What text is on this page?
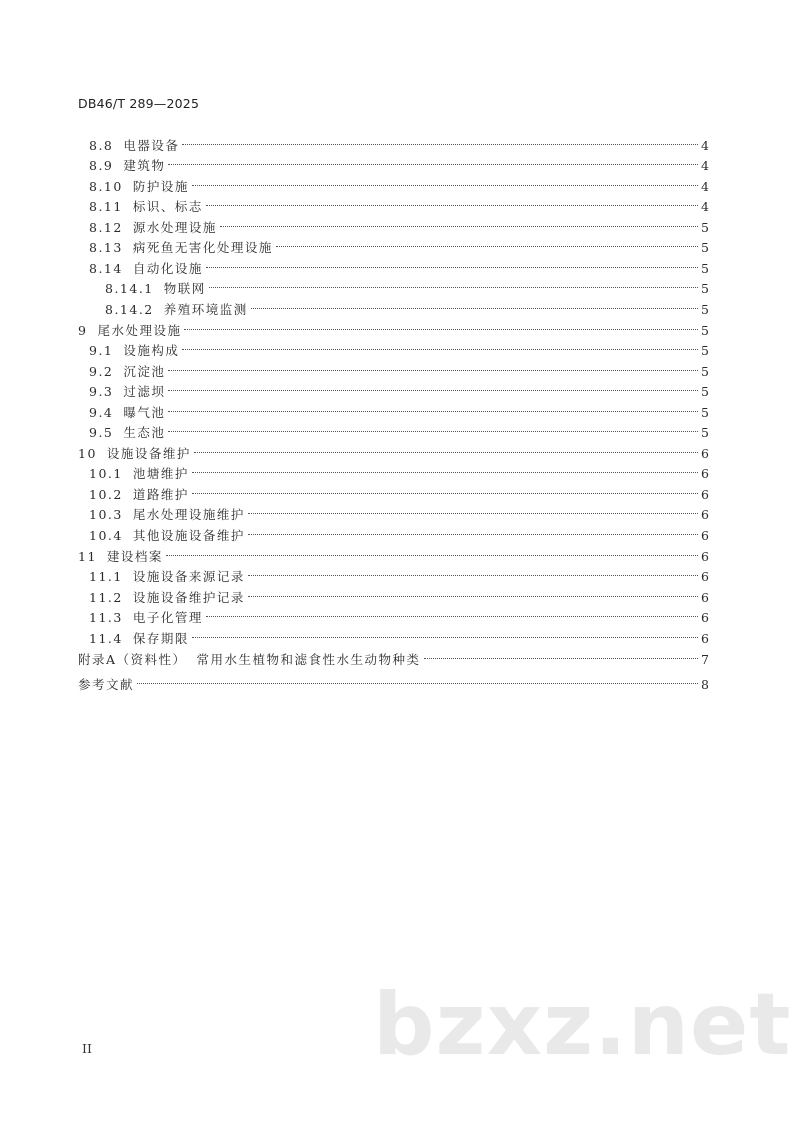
DB46/T 289—2025
8.8 电器设备	4
8.9 建筑物	4
8.10 防护设施	4
8.11 标识、标志	4
8.12 源水处理设施	5
8.13 病死鱼无害化处理设施	5
8.14 自动化设施	5
8.14.1 物联网	5
8.14.2 养殖环境监测	5
9 尾水处理设施	5
9.1 设施构成	5
9.2 沉淀池	5
9.3 过滤坝	5
9.4 曝气池	5
9.5 生态池	5
10 设施设备维护	6
10.1 池塘维护	6
10.2 道路维护	6
10.3 尾水处理设施维护	6
10.4 其他设施设备维护	6
11 建设档案	6
11.1 设施设备来源记录	6
11.2 设施设备维护记录	6
11.3 电子化管理	6
11.4 保存期限	6
附录A（资料性） 常用水生植物和滤食性水生动物种类	7
参考文献	8
II	bzxz.net
